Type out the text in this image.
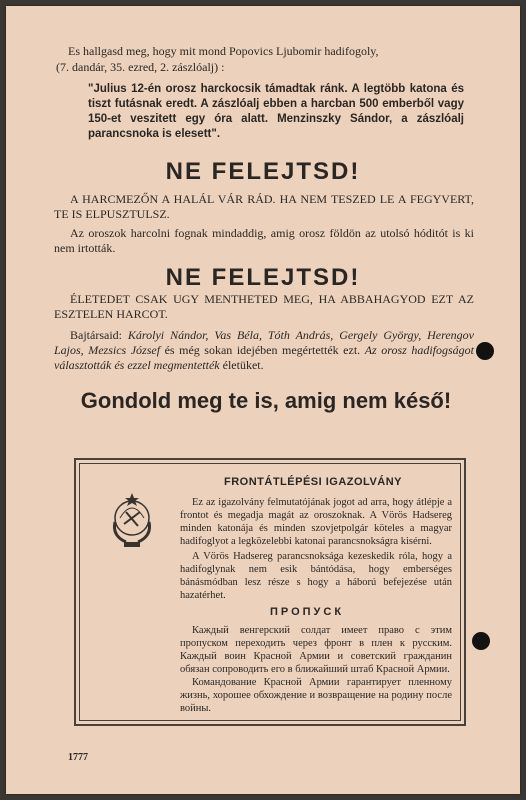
Es hallgasd meg, hogy mit mond Popovics Ljubomir hadifogoly,
(7. dandár, 35. ezred, 2. zászlóalj) :
"Julius 12-én orosz harckocsik támadtak ránk. A legtöbb katona és tiszt futásnak eredt. A zászlóalj ebben a harcban 500 emberből vagy 150-et veszitett egy óra alatt. Menzinszky Sándor, a zászlóalj parancsnoka is elesett".
NE FELEJTSD!
A HARCMEZŐN A HALÁL VÁR RÁD. HA NEM TESZED LE A FEGYVERT, TE IS ELPUSZTULSZ.
Az oroszok harcolni fognak mindaddig, amig orosz földön az utolsó hóditót is ki nem irtották.
NE FELEJTSD!
ÉLETEDET CSAK UGY MENTHETED MEG, HA ABBAHAGYOD EZT AZ ESZTELEN HARCOT.
Bajtársaid: Károlyi Nándor, Vas Béla, Tóth András, Gergely György, Herengov Lajos, Mezsics József és még sokan idejében megértették ezt. Az orosz hadifogságot választották és ezzel megmentették életüket.
Gondold meg te is, amig nem késő!
FRONTÁTLÉPÉSI IGAZOLVÁNY
Ez az igazolvány felmutatójának jogot ad arra, hogy átlépje a frontot és megadja magát az oroszoknak. A Vörös Hadsereg minden katonája és minden szovjetpolgár köteles a magyar hadifoglyot a legközelebbi katonai parancsnokságra kisérni.
A Vörös Hadsereg parancsnoksága kezeskedik róla, hogy a hadifoglynak nem esik bántódása, hogy emberséges bánásmódban lesz része s hogy a háború befejezése után hazatérhet.
ПРОПУСК
Каждый венгерский солдат имеет право с этим пропуском переходить через фронт в плен к русским. Каждый воин Красной Армии и советский гражданин обязан сопроводить его в ближайший штаб Красной Армии.
Командование Красной Армии гарантирует пленному жизнь, хорошее обхождение и возвращение на родину после войны.
1777
